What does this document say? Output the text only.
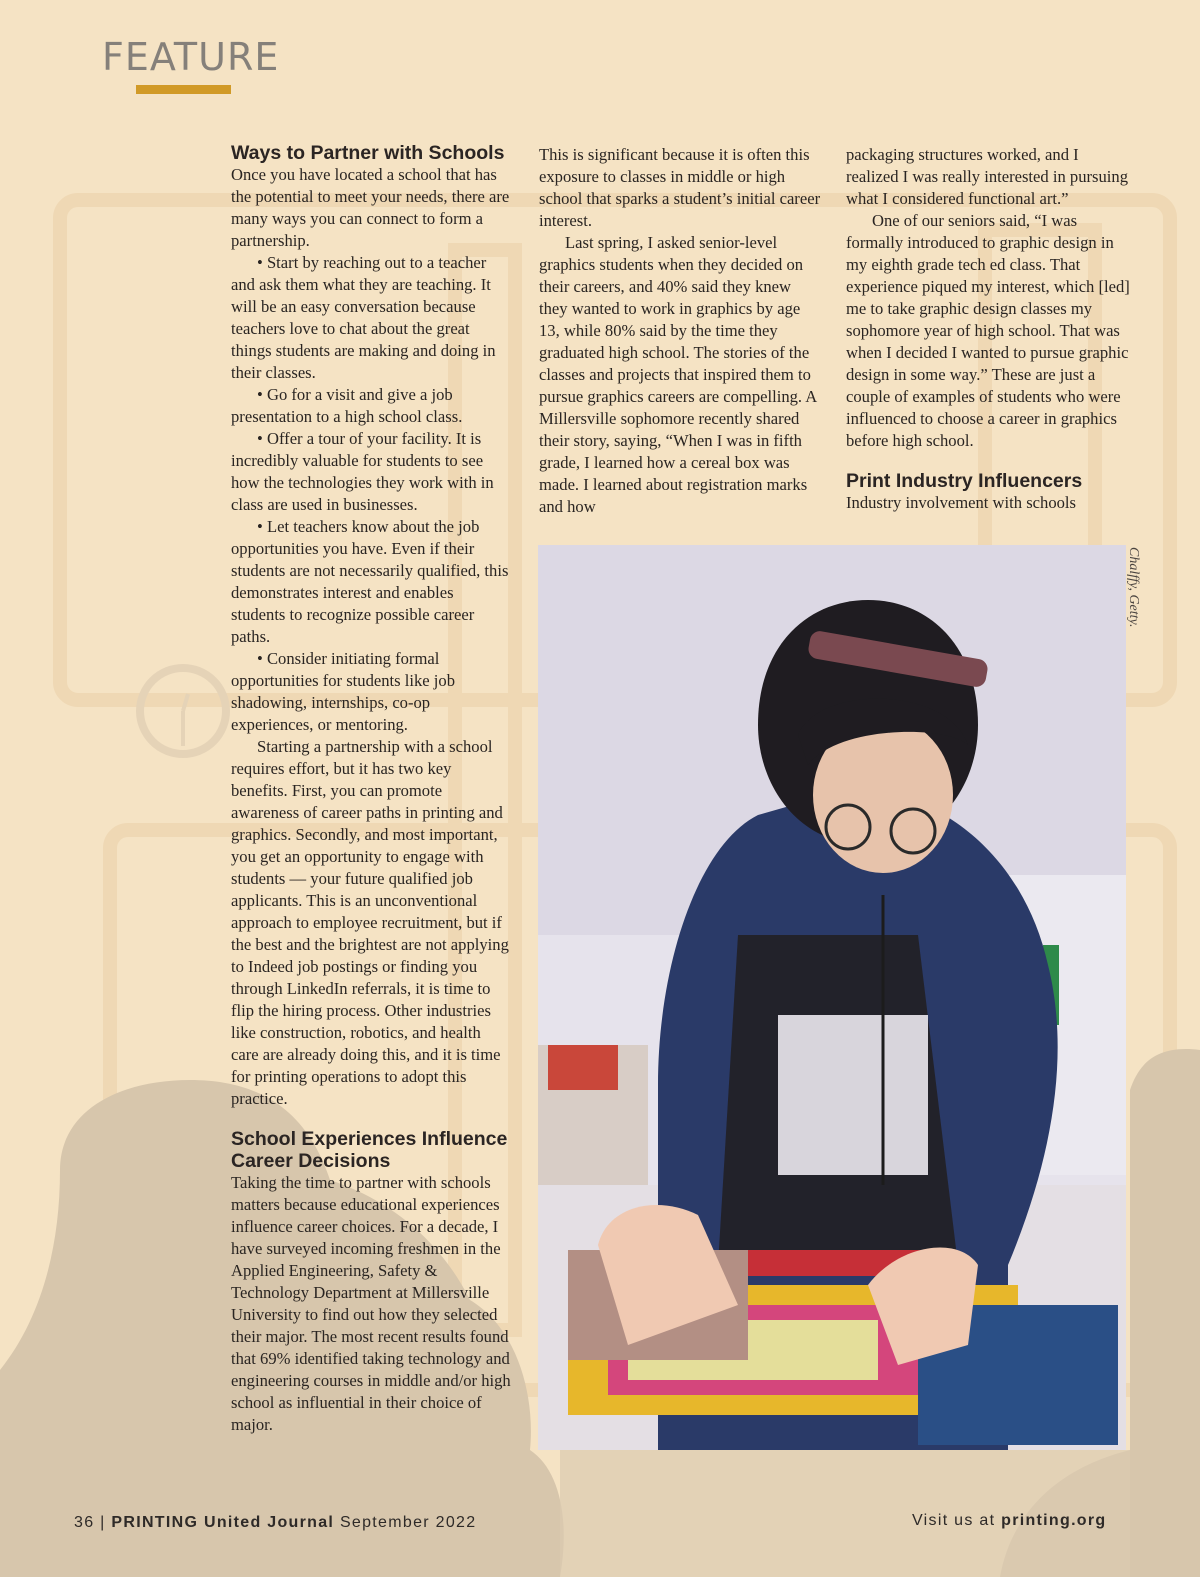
FEATURE
Ways to Partner with Schools

Once you have located a school that has the potential to meet your needs, there are many ways you can connect to form a partnership.

• Start by reaching out to a teacher and ask them what they are teaching. It will be an easy conversation because teachers love to chat about the great things students are making and doing in their classes.

• Go for a visit and give a job presentation to a high school class.

• Offer a tour of your facility. It is incredibly valuable for students to see how the technologies they work with in class are used in businesses.

• Let teachers know about the job opportunities you have. Even if their students are not necessarily qualified, this demonstrates interest and enables students to recognize possible career paths.

• Consider initiating formal opportunities for students like job shadowing, internships, co-op experiences, or mentoring.

Starting a partnership with a school requires effort, but it has two key benefits. First, you can promote awareness of career paths in printing and graphics. Secondly, and most important, you get an opportunity to engage with students — your future qualified job applicants. This is an unconventional approach to employee recruitment, but if the best and the brightest are not applying to Indeed job postings or finding you through LinkedIn referrals, it is time to flip the hiring process. Other industries like construction, robotics, and health care are already doing this, and it is time for printing operations to adopt this practice.

School Experiences Influence Career Decisions

Taking the time to partner with schools matters because educational experiences influence career choices. For a decade, I have surveyed incoming freshmen in the Applied Engineering, Safety & Technology Department at Millersville University to find out how they selected their major. The most recent results found that 69% identified taking technology and engineering courses in middle and/or high school as influential in their choice of major.

This is significant because it is often this exposure to classes in middle or high school that sparks a student’s initial career interest.

Last spring, I asked senior-level graphics students when they decided on their careers, and 40% said they knew they wanted to work in graphics by age 13, while 80% said by the time they graduated high school. The stories of the classes and projects that inspired them to pursue graphics careers are compelling. A Millersville sophomore recently shared their story, saying, “When I was in fifth grade, I learned how a cereal box was made. I learned about registration marks and how

packaging structures worked, and I realized I was really interested in pursuing what I considered functional art.”

One of our seniors said, “I was formally introduced to graphic design in my eighth grade tech ed class. That experience piqued my interest, which [led] me to take graphic design classes my sophomore year of high school. That was when I decided I wanted to pursue graphic design in some way.” These are just a couple of examples of students who were influenced to choose a career in graphics before high school.

Print Industry Influencers

Industry involvement with schools

Chalffy, Getty.
36 | PRINTING United Journal September 2022	Visit us at printing.org
